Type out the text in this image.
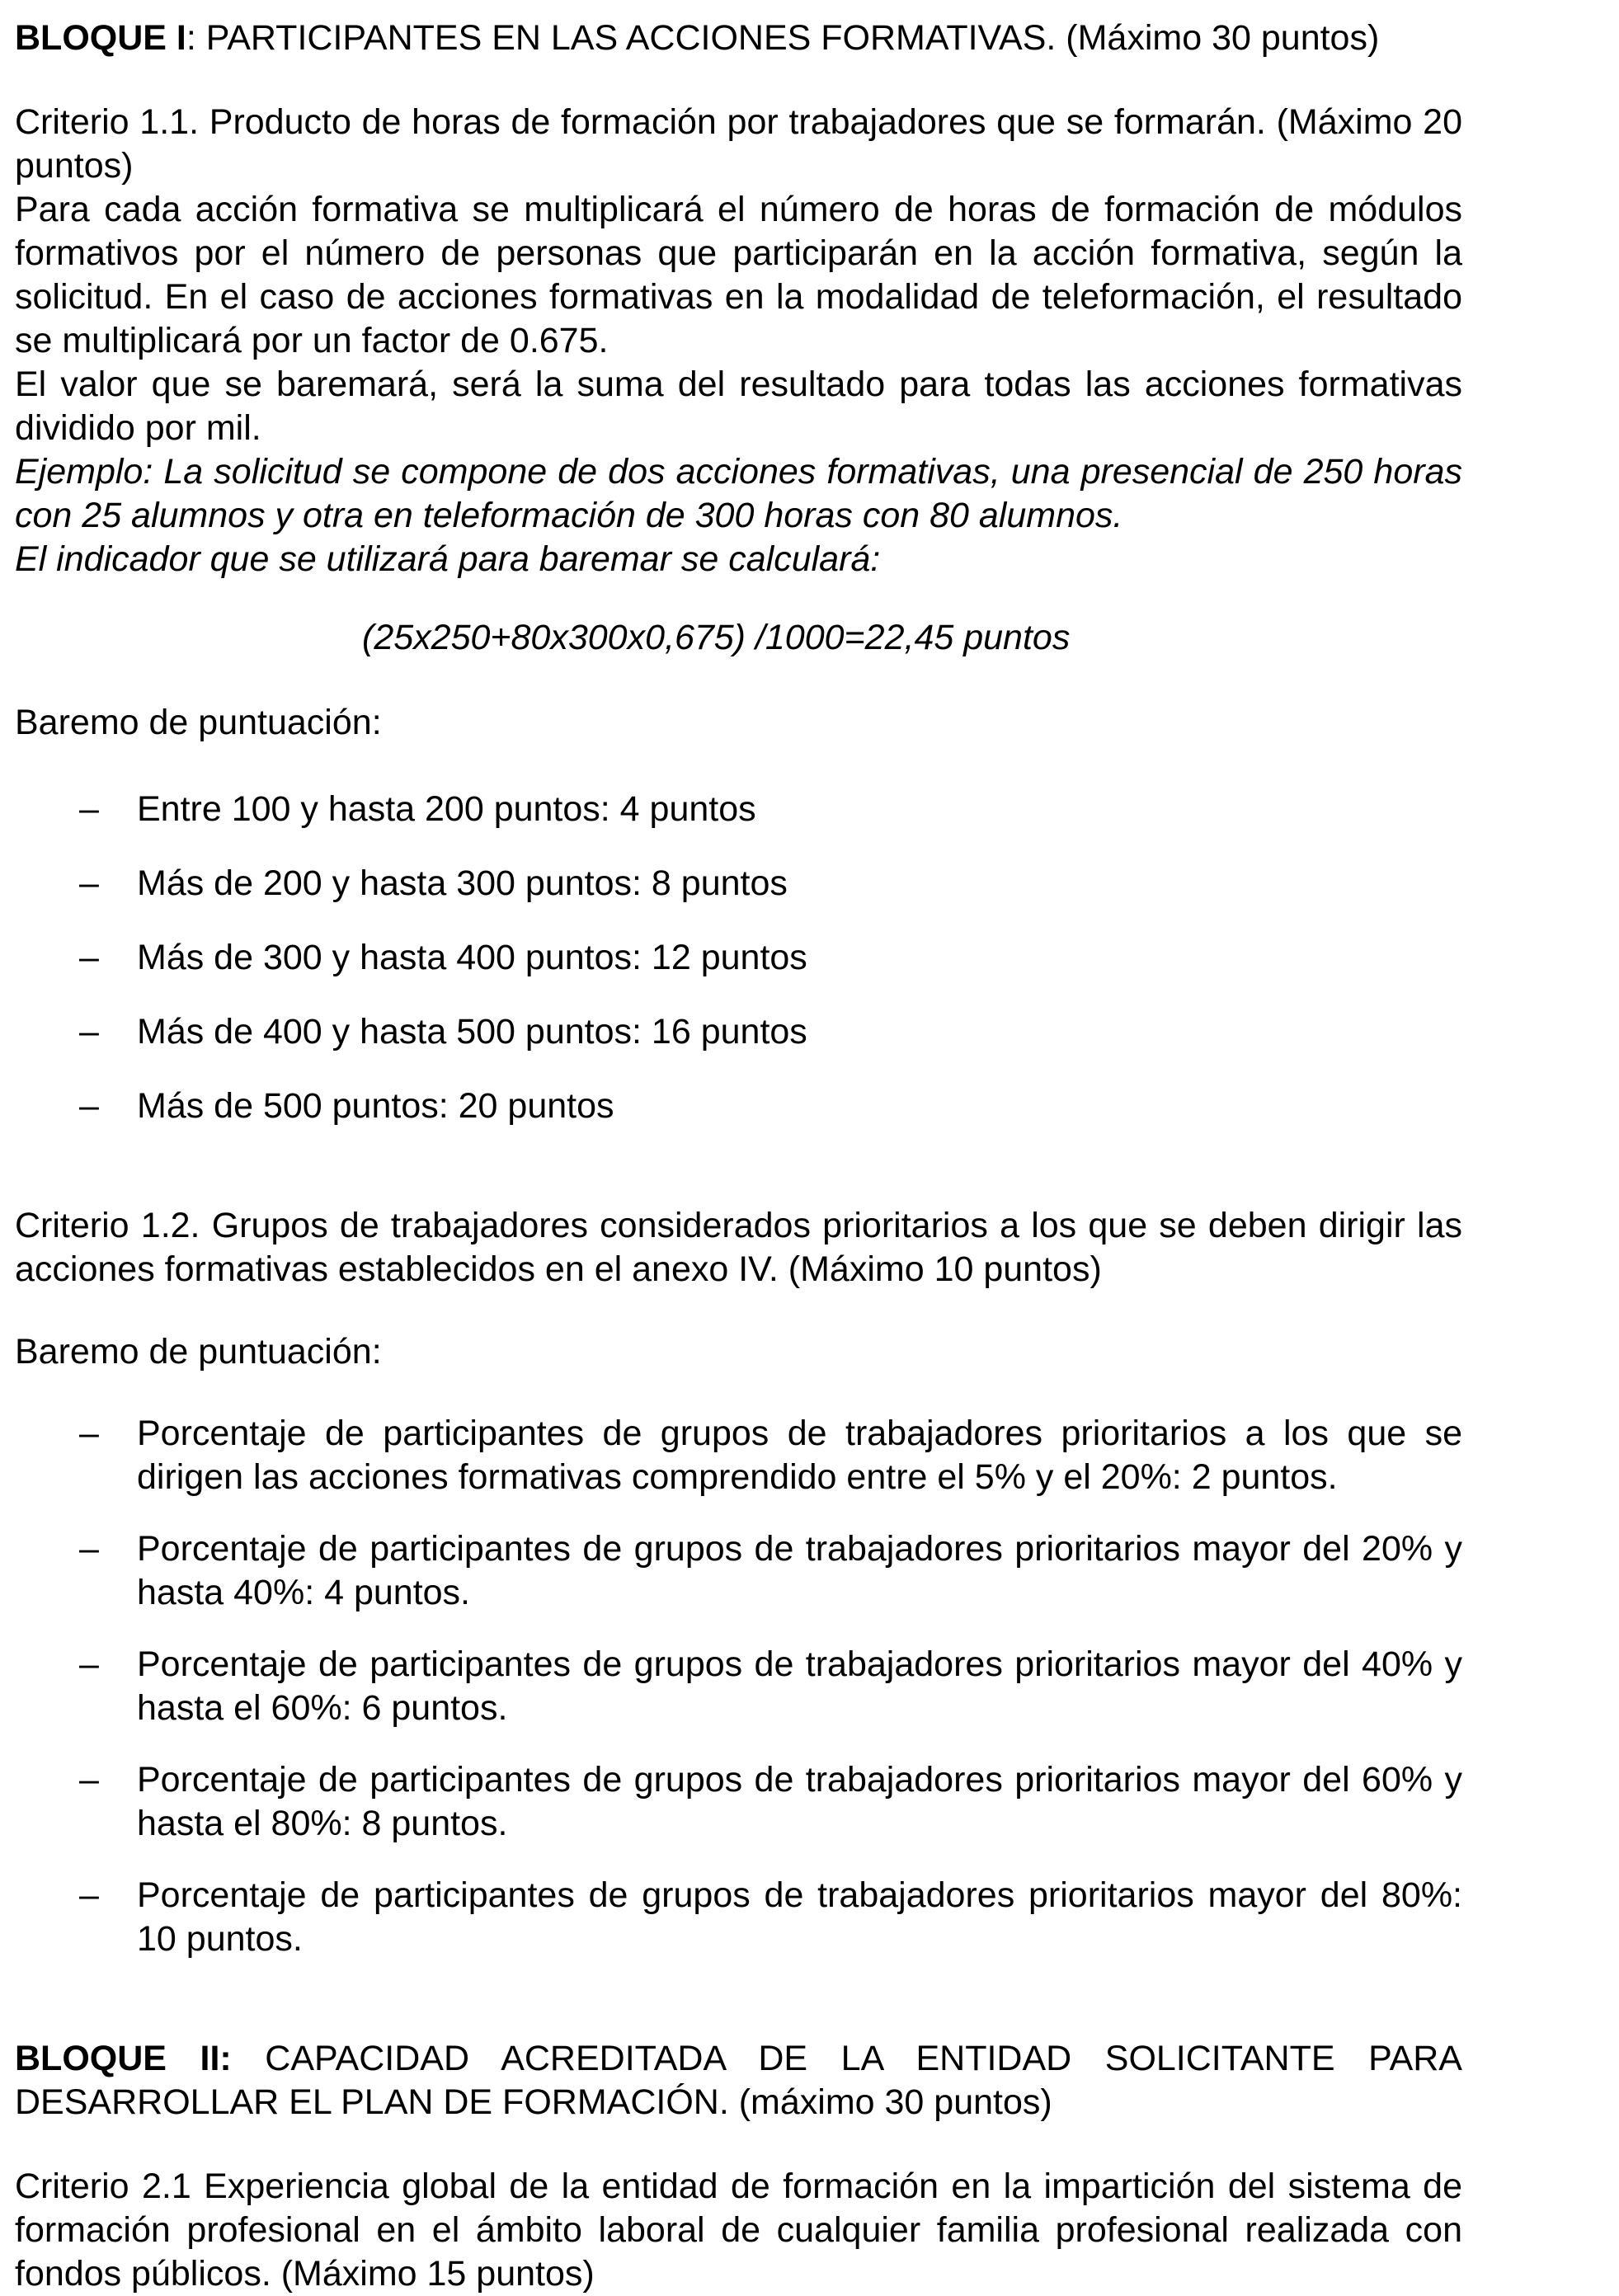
BLOQUE I: PARTICIPANTES EN LAS ACCIONES FORMATIVAS. (Máximo 30 puntos)

Criterio 1.1. Producto de horas de formación por trabajadores que se formarán. (Máximo 20 puntos)

Para cada acción formativa se multiplicará el número de horas de formación de módulos formativos por el número de personas que participarán en la acción formativa, según la solicitud. En el caso de acciones formativas en la modalidad de teleformación, el resultado se multiplicará por un factor de 0.675.

El valor que se baremará, será la suma del resultado para todas las acciones formativas dividido por mil.

Ejemplo: La solicitud se compone de dos acciones formativas, una presencial de 250 horas con 25 alumnos y otra en teleformación de 300 horas con 80 alumnos.

El indicador que se utilizará para baremar se calculará:

(25x250+80x300x0,675) /1000=22,45 puntos

Baremo de puntuación:

– Entre 100 y hasta 200 puntos: 4 puntos
– Más de 200 y hasta 300 puntos: 8 puntos
– Más de 300 y hasta 400 puntos: 12 puntos
– Más de 400 y hasta 500 puntos: 16 puntos
– Más de 500 puntos: 20 puntos

Criterio 1.2. Grupos de trabajadores considerados prioritarios a los que se deben dirigir las acciones formativas establecidos en el anexo IV. (Máximo 10 puntos)

Baremo de puntuación:

– Porcentaje de participantes de grupos de trabajadores prioritarios a los que se dirigen las acciones formativas comprendido entre el 5% y el 20%: 2 puntos.
– Porcentaje de participantes de grupos de trabajadores prioritarios mayor del 20% y hasta 40%: 4 puntos.
– Porcentaje de participantes de grupos de trabajadores prioritarios mayor del 40% y hasta el 60%: 6 puntos.
– Porcentaje de participantes de grupos de trabajadores prioritarios mayor del 60% y hasta el 80%: 8 puntos.
– Porcentaje de participantes de grupos de trabajadores prioritarios mayor del 80%: 10 puntos.

BLOQUE II: CAPACIDAD ACREDITADA DE LA ENTIDAD SOLICITANTE PARA DESARROLLAR EL PLAN DE FORMACIÓN. (máximo 30 puntos)

Criterio 2.1 Experiencia global de la entidad de formación en la impartición del sistema de formación profesional en el ámbito laboral de cualquier familia profesional realizada con fondos públicos. (Máximo 15 puntos)
